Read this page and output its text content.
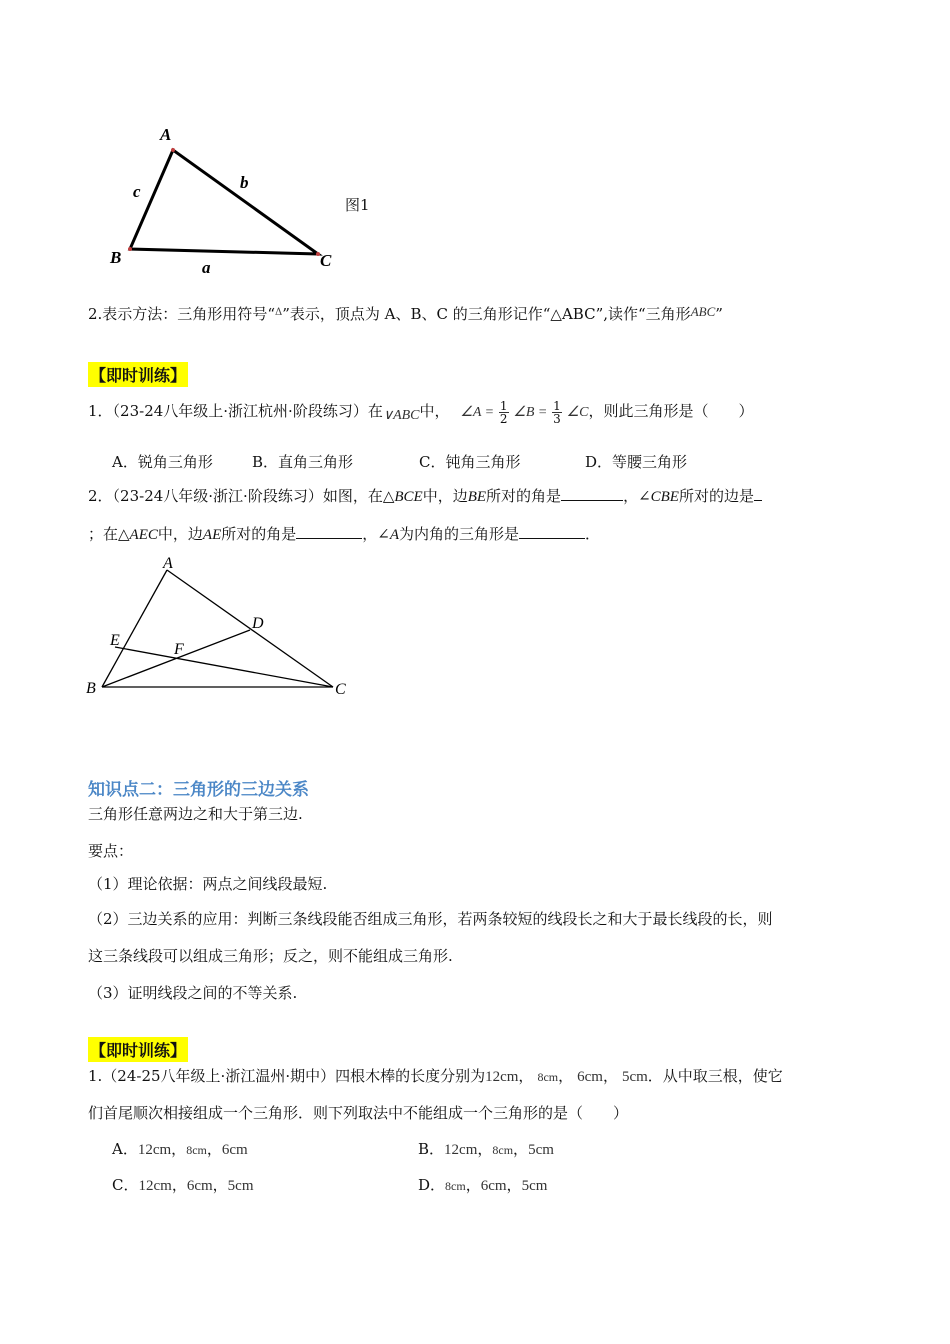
A
B	C
a
b
c
图1
2.表示方法：三角形用符号“$^\Delta$”表示，顶点为 A、B、C 的三角形记作“△ABC”,读作“三角形ABC”
【即时训练】
1．（23-24八年级上·浙江杭州·阶段练习）在∨ABC中， ∠A = $\frac{1}{2}$ ∠B = $\frac{1}{3}$ ∠C，则此三角形是（　　）
A．锐角三角形	B．直角三角形	C．钝角三角形	D．等腰三角形
2．（23-24八年级·浙江·阶段练习）如图，在△BCE中，边BE所对的角是	，∠CBE所对的边是
；在△AEC中，边AE所对的角是	，∠A为内角的三角形是	．
A
B	C
D
E
F
知识点二：三角形的三边关系
三角形任意两边之和大于第三边.
要点：
（1）理论依据：两点之间线段最短.
（2）三边关系的应用：判断三条线段能否组成三角形，若两条较短的线段长之和大于最长线段的长，则
这三条线段可以组成三角形；反之，则不能组成三角形.
（3）证明线段之间的不等关系.
【即时训练】
1.（24-25八年级上·浙江温州·期中）四根木棒的长度分别为12cm， 8cm， 6cm， 5cm．从中取三根，使它
们首尾顺次相接组成一个三角形．则下列取法中不能组成一个三角形的是（　　）
A．12cm，8cm，6cm	B．12cm，8cm，5cm
C．12cm，6cm，5cm	D．8cm，6cm，5cm
